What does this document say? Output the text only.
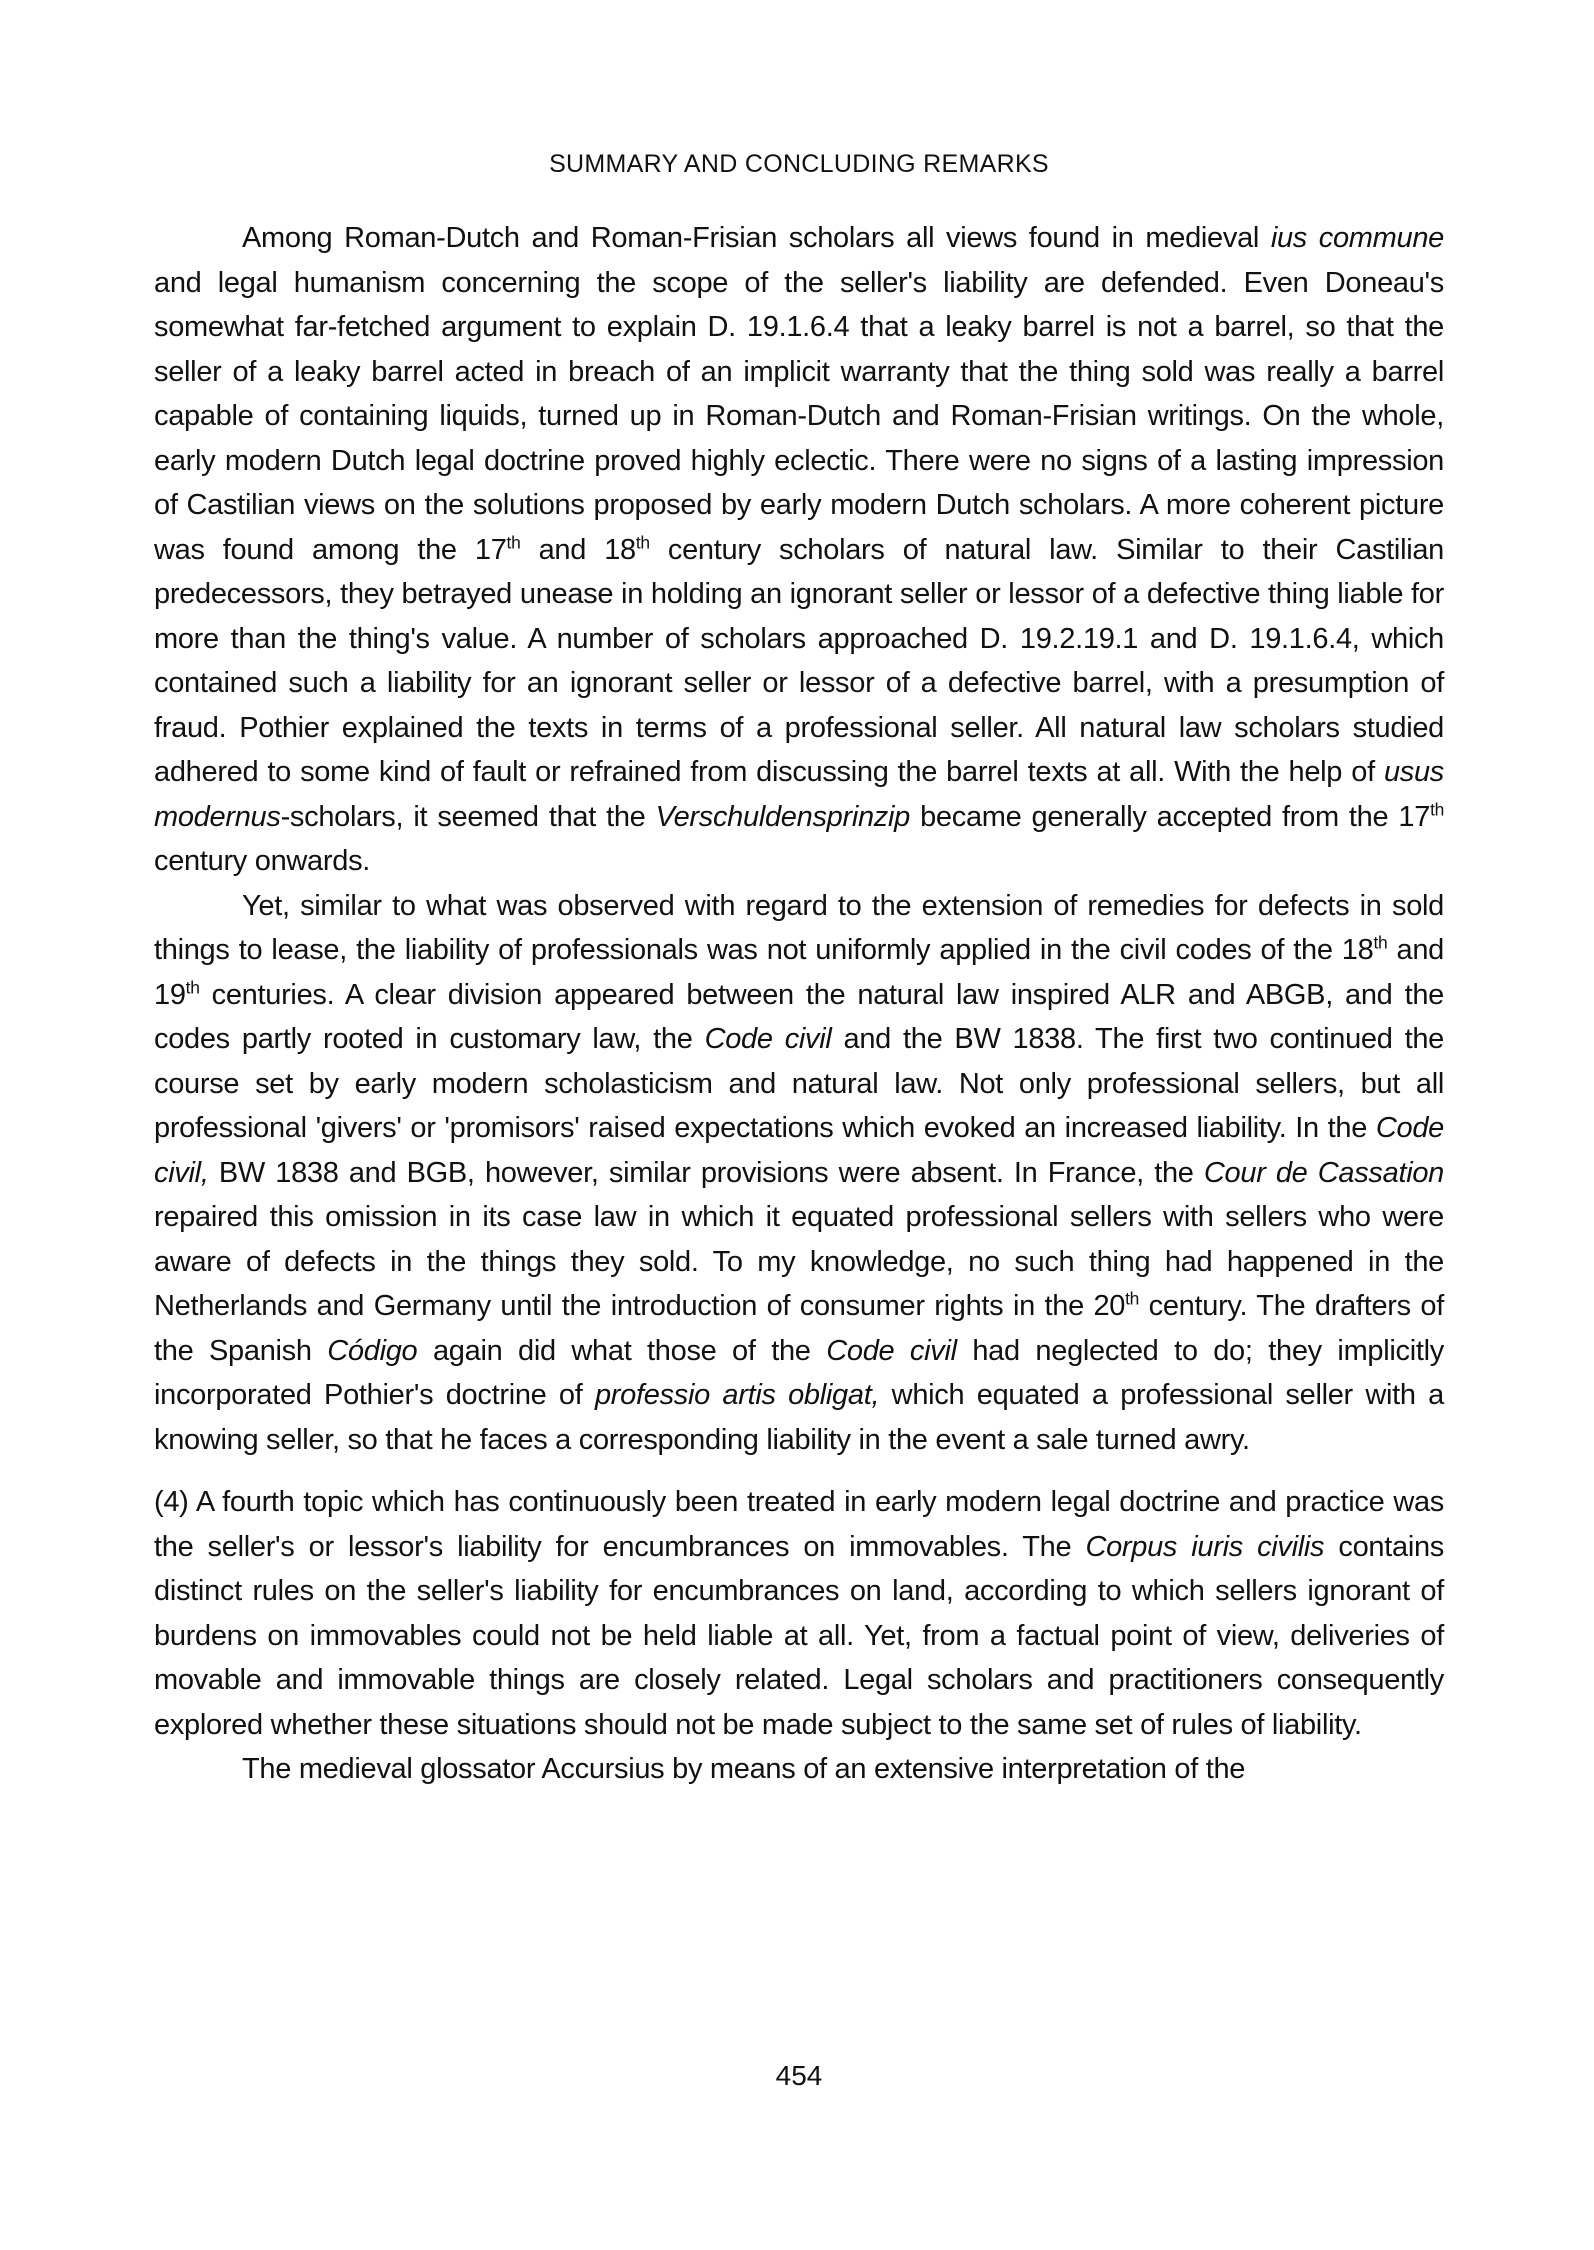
SUMMARY AND CONCLUDING REMARKS

Among Roman-Dutch and Roman-Frisian scholars all views found in medieval ius commune and legal humanism concerning the scope of the seller's liability are defended. Even Doneau's somewhat far-fetched argument to explain D. 19.1.6.4 that a leaky barrel is not a barrel, so that the seller of a leaky barrel acted in breach of an implicit warranty that the thing sold was really a barrel capable of containing liquids, turned up in Roman-Dutch and Roman-Frisian writings. On the whole, early modern Dutch legal doctrine proved highly eclectic. There were no signs of a lasting impression of Castilian views on the solutions proposed by early modern Dutch scholars. A more coherent picture was found among the 17th and 18th century scholars of natural law. Similar to their Castilian predecessors, they betrayed unease in holding an ignorant seller or lessor of a defective thing liable for more than the thing's value. A number of scholars approached D. 19.2.19.1 and D. 19.1.6.4, which contained such a liability for an ignorant seller or lessor of a defective barrel, with a presumption of fraud. Pothier explained the texts in terms of a professional seller. All natural law scholars studied adhered to some kind of fault or refrained from discussing the barrel texts at all. With the help of usus modernus-scholars, it seemed that the Verschuldensprinzip became generally accepted from the 17th century onwards.

Yet, similar to what was observed with regard to the extension of remedies for defects in sold things to lease, the liability of professionals was not uniformly applied in the civil codes of the 18th and 19th centuries. A clear division appeared between the natural law inspired ALR and ABGB, and the codes partly rooted in customary law, the Code civil and the BW 1838. The first two continued the course set by early modern scholasticism and natural law. Not only professional sellers, but all professional 'givers' or 'promisors' raised expectations which evoked an increased liability. In the Code civil, BW 1838 and BGB, however, similar provisions were absent. In France, the Cour de Cassation repaired this omission in its case law in which it equated professional sellers with sellers who were aware of defects in the things they sold. To my knowledge, no such thing had happened in the Netherlands and Germany until the introduction of consumer rights in the 20th century. The drafters of the Spanish Código again did what those of the Code civil had neglected to do; they implicitly incorporated Pothier's doctrine of professio artis obligat, which equated a professional seller with a knowing seller, so that he faces a corresponding liability in the event a sale turned awry.

(4) A fourth topic which has continuously been treated in early modern legal doctrine and practice was the seller's or lessor's liability for encumbrances on immovables. The Corpus iuris civilis contains distinct rules on the seller's liability for encumbrances on land, according to which sellers ignorant of burdens on immovables could not be held liable at all. Yet, from a factual point of view, deliveries of movable and immovable things are closely related. Legal scholars and practitioners consequently explored whether these situations should not be made subject to the same set of rules of liability.

The medieval glossator Accursius by means of an extensive interpretation of the

454
